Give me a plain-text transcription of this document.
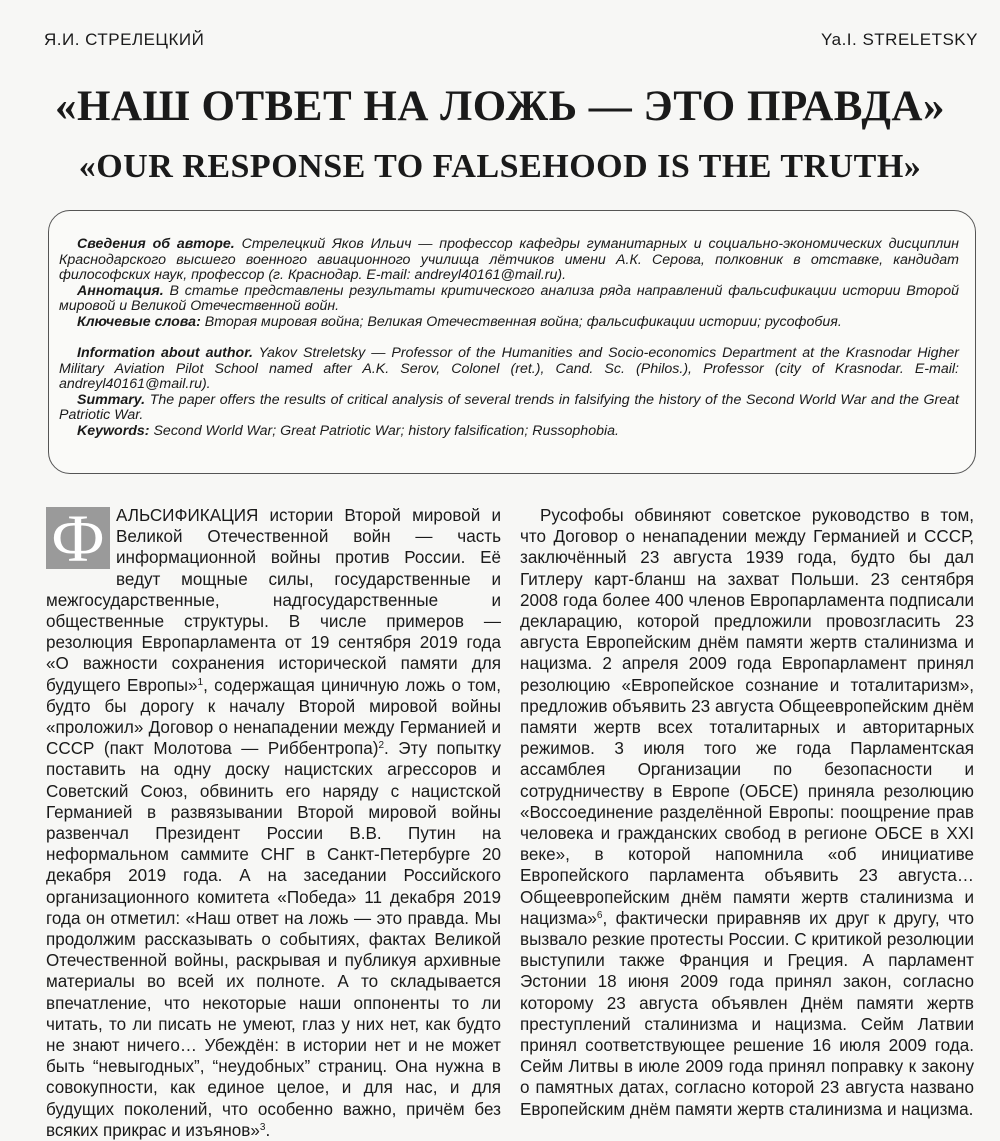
Я.И. СТРЕЛЕЦКИЙ	Ya.I. STRELETSKY
«НАШ ОТВЕТ НА ЛОЖЬ — ЭТО ПРАВДА»
«OUR RESPONSE TO FALSEHOOD IS THE TRUTH»

Сведения об авторе. Стрелецкий Яков Ильич — профессор кафедры гуманитарных и социально-экономических дисциплин Краснодарского высшего военного авиационного училища лётчиков имени А.К. Серова, полковник в отставке, кандидат философских наук, профессор (г. Краснодар. E-mail: andreyl40161@mail.ru).

Аннотация. В статье представлены результаты критического анализа ряда направлений фальсификации истории Второй мировой и Великой Отечественной войн.

Ключевые слова: Вторая мировая война; Великая Отечественная война; фальсификации истории; русофобия.

Information about author. Yakov Streletsky — Professor of the Humanities and Socio-economics Department at the Krasnodar Higher Military Aviation Pilot School named after A.K. Serov, Colonel (ret.), Cand. Sc. (Philos.), Professor (city of Krasnodar. E-mail: andreyl40161@mail.ru).

Summary. The paper offers the results of critical analysis of several trends in falsifying the history of the Second World War and the Great Patriotic War.

Keywords: Second World War; Great Patriotic War; history falsification; Russophobia.

Ф АЛЬСИФИКАЦИЯ истории Второй мировой и Великой Отечественной войн — часть информационной войны против России. Её ведут мощные силы, государственные и межгосударственные, надгосударственные и общественные структуры. В числе примеров — резолюция Европарламента от 19 сентября 2019 года «О важности сохранения исторической памяти для будущего Европы»$^1$, содержащая циничную ложь о том, будто бы дорогу к началу Второй мировой войны «проложил» Договор о ненападении между Германией и СССР (пакт Молотова — Риббентропа)$^2$. Эту попытку поставить на одну доску нацистских агрессоров и Советский Союз, обвинить его наряду с нацистской Германией в развязывании Второй мировой войны развенчал Президент России В.В. Путин на неформальном саммите СНГ в Санкт-Петербурге 20 декабря 2019 года. А на заседании Российского организационного комитета «Победа» 11 декабря 2019 года он отметил: «Наш ответ на ложь — это правда. Мы продолжим рассказывать о событиях, фактах Великой Отечественной войны, раскрывая и публикуя архивные материалы во всей их полноте. А то складывается впечатление, что некоторые наши оппоненты то ли читать, то ли писать не умеют, глаз у них нет, как будто не знают ничего… Убеждён: в истории нет и не может быть “невыгодных”, “неудобных” страниц. Она нужна в совокупности, как единое целое, и для нас, и для будущих поколений, что особенно важно, причём без всяких прикрас и изъянов»$^3$.
Русофобы обвиняют советское руководство в том, что Договор о ненападении между Германией и СССР, заключённый 23 августа 1939 года, будто бы дал Гитлеру карт-бланш на захват Польши. 23 сентября 2008 года более 400 членов Европарламента подписали декларацию, которой предложили провозгласить 23 августа Европейским днём памяти жертв сталинизма и нацизма. 2 апреля 2009 года Европарламент принял резолюцию «Европейское сознание и тоталитаризм», предложив объявить 23 августа Общеевропейским днём памяти жертв всех тоталитарных и авторитарных режимов. 3 июля того же года Парламентская ассамблея Организации по безопасности и сотрудничеству в Европе (ОБСЕ) приняла резолюцию «Воссоединение разделённой Европы: поощрение прав человека и гражданских свобод в регионе ОБСЕ в XXI веке», в которой напомнила «об инициативе Европейского парламента объявить 23 августа… Общеевропейским днём памяти жертв сталинизма и нацизма»$^6$, фактически приравняв их друг к другу, что вызвало резкие протесты России. С критикой резолюции выступили также Франция и Греция. А парламент Эстонии 18 июня 2009 года принял закон, согласно которому 23 августа объявлен Днём памяти жертв преступлений сталинизма и нацизма. Сейм Латвии принял соответствующее решение 16 июля 2009 года. Сейм Литвы в июле 2009 года принял поправку к закону о памятных датах, согласно которой 23 августа названо Европейским днём памяти жертв сталинизма и нацизма.
